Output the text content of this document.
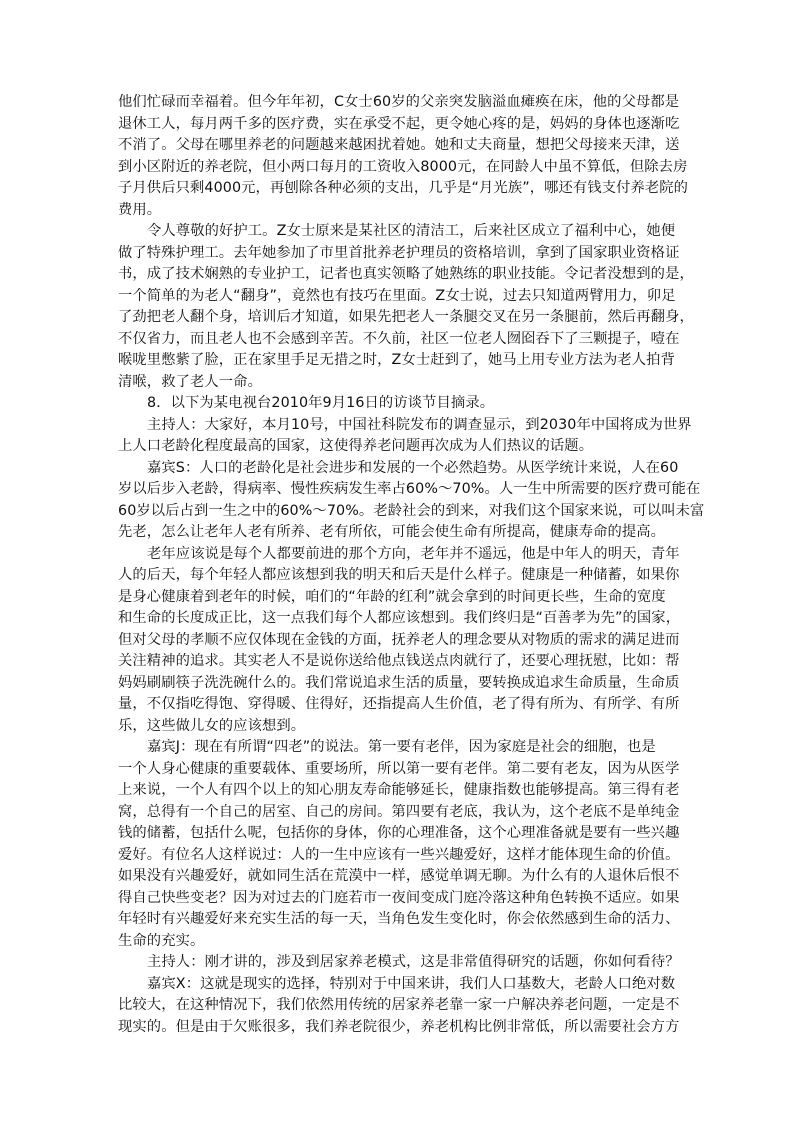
他们忙碌而幸福着。但今年年初，C女士60岁的父亲突发脑溢血瘫痪在床，他的父母都是
退休工人，每月两千多的医疗费，实在承受不起，更令她心疼的是，妈妈的身体也逐渐吃
不消了。父母在哪里养老的问题越来越困扰着她。她和丈夫商量，想把父母接来天津，送
到小区附近的养老院，但小两口每月的工资收入8000元，在同龄人中虽不算低，但除去房
子月供后只剩4000元，再刨除各种必须的支出，几乎是“月光族”，哪还有钱支付养老院的
费用。
令人尊敬的好护工。Z女士原来是某社区的清洁工，后来社区成立了福利中心，她便
做了特殊护理工。去年她参加了市里首批养老护理员的资格培训，拿到了国家职业资格证
书，成了技术娴熟的专业护工，记者也真实领略了她熟练的职业技能。令记者没想到的是，
一个简单的为老人“翻身”，竟然也有技巧在里面。Z女士说，过去只知道两臂用力，卯足
了劲把老人翻个身，培训后才知道，如果先把老人一条腿交叉在另一条腿前，然后再翻身，
不仅省力，而且老人也不会感到辛苦。不久前，社区一位老人囫囵吞下了三颗提子，噎在
喉咙里憋紫了脸，正在家里手足无措之时，Z女士赶到了，她马上用专业方法为老人拍背
清喉，救了老人一命。
8．以下为某电视台2010年9月16日的访谈节目摘录。
主持人：大家好，本月10号，中国社科院发布的调查显示，到2030年中国将成为世界
上人口老龄化程度最高的国家，这使得养老问题再次成为人们热议的话题。
嘉宾S：人口的老龄化是社会进步和发展的一个必然趋势。从医学统计来说，人在60
岁以后步入老龄，得病率、慢性疾病发生率占60%～70%。人一生中所需要的医疗费可能在
60岁以后占到一生之中的60%～70%。老龄社会的到来，对我们这个国家来说，可以叫未富
先老，怎么让老年人老有所养、老有所依，可能会使生命有所提高，健康寿命的提高。
老年应该说是每个人都要前进的那个方向，老年并不遥远，他是中年人的明天，青年
人的后天，每个年轻人都应该想到我的明天和后天是什么样子。健康是一种储蓄，如果你
是身心健康着到老年的时候，咱们的“年龄的红利”就会拿到的时间更长些，生命的宽度
和生命的长度成正比，这一点我们每个人都应该想到。我们终归是“百善孝为先”的国家，
但对父母的孝顺不应仅体现在金钱的方面，抚养老人的理念要从对物质的需求的满足进而
关注精神的追求。其实老人不是说你送给他点钱送点肉就行了，还要心理抚慰，比如：帮
妈妈刷刷筷子洗洗碗什么的。我们常说追求生活的质量，要转换成追求生命质量，生命质
量，不仅指吃得饱、穿得暖、住得好，还指提高人生价值，老了得有所为、有所学、有所
乐，这些做儿女的应该想到。
嘉宾J：现在有所谓“四老”的说法。第一要有老伴，因为家庭是社会的细胞，也是
一个人身心健康的重要载体、重要场所，所以第一要有老伴。第二要有老友，因为从医学
上来说，一个人有四个以上的知心朋友寿命能够延长，健康指数也能够提高。第三得有老
窝，总得有一个自己的居室、自己的房间。第四要有老底，我认为，这个老底不是单纯金
钱的储蓄，包括什么呢，包括你的身体，你的心理准备，这个心理准备就是要有一些兴趣
爱好。有位名人这样说过：人的一生中应该有一些兴趣爱好，这样才能体现生命的价值。
如果没有兴趣爱好，就如同生活在荒漠中一样，感觉单调无聊。为什么有的人退休后恨不
得自己快些变老？因为对过去的门庭若市一夜间变成门庭冷落这种角色转换不适应。如果
年轻时有兴趣爱好来充实生活的每一天，当角色发生变化时，你会依然感到生命的活力、
生命的充实。
主持人：刚才讲的，涉及到居家养老模式，这是非常值得研究的话题，你如何看待？
嘉宾X：这就是现实的选择，特别对于中国来讲，我们人口基数大，老龄人口绝对数
比较大，在这种情况下，我们依然用传统的居家养老靠一家一户解决养老问题，一定是不
现实的。但是由于欠账很多，我们养老院很少，养老机构比例非常低，所以需要社会方方
